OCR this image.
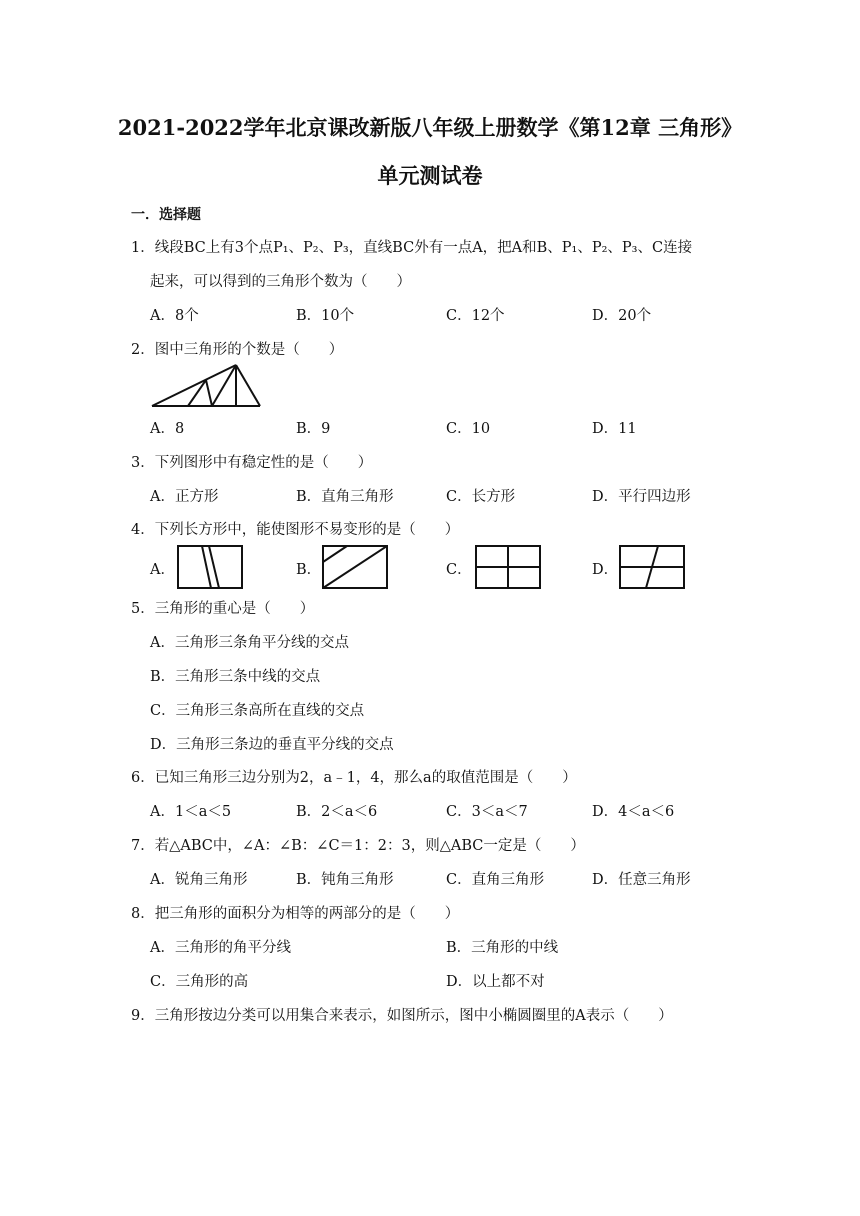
2021-2022学年北京课改新版八年级上册数学《第12章 三角形》
单元测试卷
一．选择题
1．线段BC上有3个点P₁、P₂、P₃，直线BC外有一点A，把A和B、P₁、P₂、P₃、C连接
起来，可以得到的三角形个数为（　　）
A．8个	B．10个	C．12个	D．20个
2．图中三角形的个数是（　　）
A．8	B．9	C．10	D．11
3．下列图形中有稳定性的是（　　）
A．正方形	B．直角三角形	C．长方形	D．平行四边形
4．下列长方形中，能使图形不易变形的是（　　）
A．	B．	C．	D．
5．三角形的重心是（　　）
A．三角形三条角平分线的交点
B．三角形三条中线的交点
C．三角形三条高所在直线的交点
D．三角形三条边的垂直平分线的交点
6．已知三角形三边分别为2，a﹣1，4，那么a的取值范围是（　　）
A．1＜a＜5	B．2＜a＜6	C．3＜a＜7	D．4＜a＜6
7．若△ABC中，∠A：∠B：∠C＝1：2：3，则△ABC一定是（　　）
A．锐角三角形	B．钝角三角形	C．直角三角形	D．任意三角形
8．把三角形的面积分为相等的两部分的是（　　）
A．三角形的角平分线	B．三角形的中线
C．三角形的高	D．以上都不对
9．三角形按边分类可以用集合来表示，如图所示，图中小椭圆圈里的A表示（　　）
